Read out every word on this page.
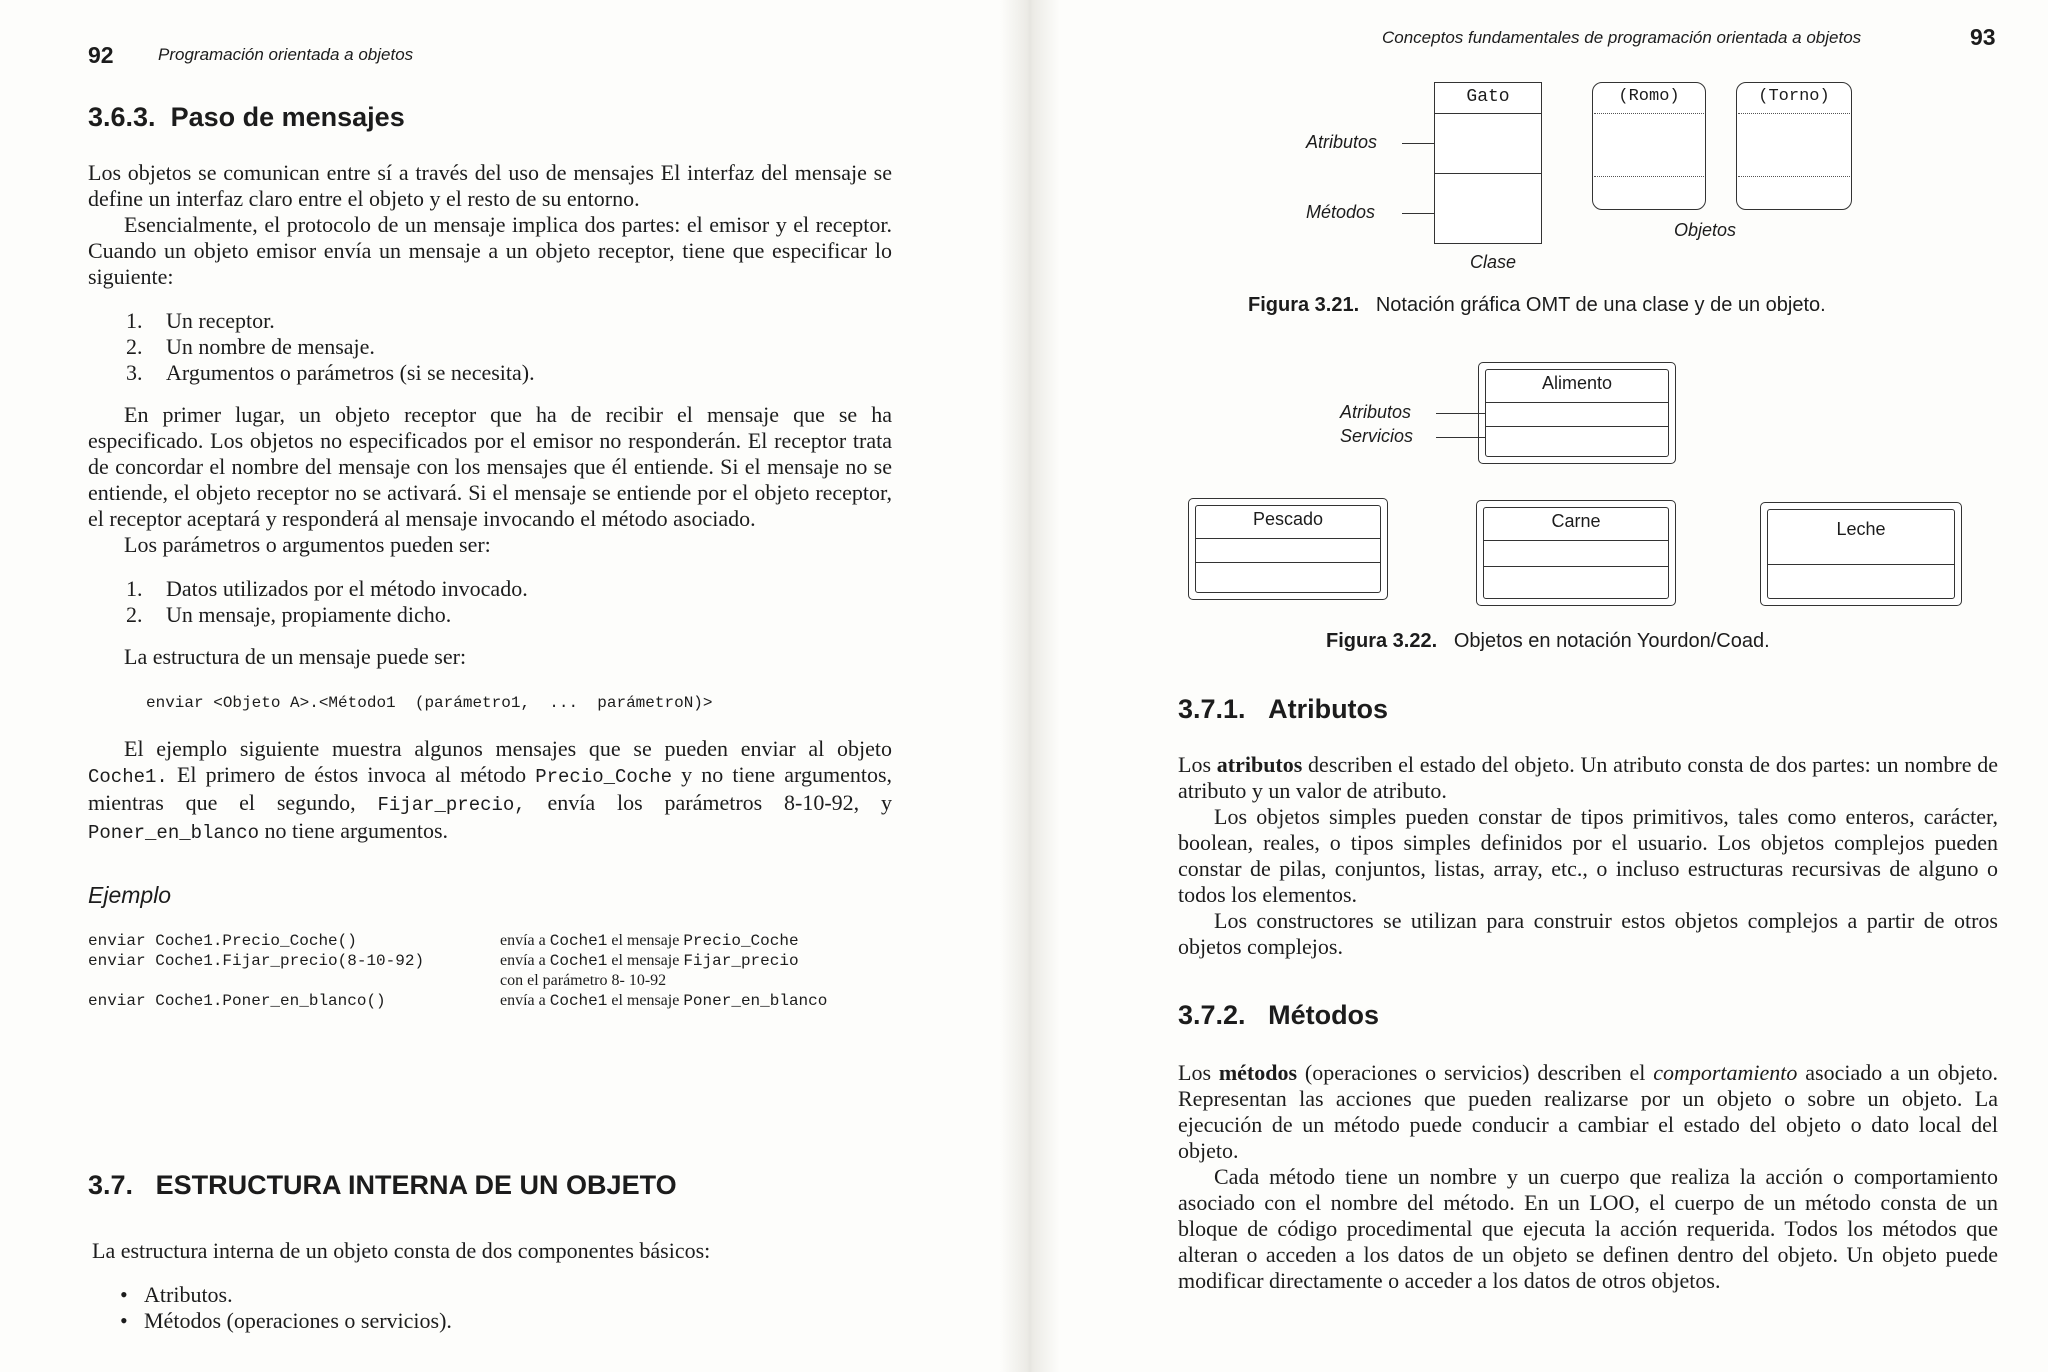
92	Programación orientada a objetos
3.6.3. Paso de mensajes

Los objetos se comunican entre sí a través del uso de mensajes El interfaz del mensaje se define un interfaz claro entre el objeto y el resto de su entorno.

Esencialmente, el protocolo de un mensaje implica dos partes: el emisor y el receptor. Cuando un objeto emisor envía un mensaje a un objeto receptor, tiene que especificar lo siguiente:

1.	Un receptor.
2.	Un nombre de mensaje.
3.	Argumentos o parámetros (si se necesita).

En primer lugar, un objeto receptor que ha de recibir el mensaje que se ha especificado. Los objetos no especificados por el emisor no responderán. El receptor trata de concordar el nombre del mensaje con los mensajes que él entiende. Si el mensaje no se entiende, el objeto receptor no se activará. Si el mensaje se entiende por el objeto receptor, el receptor aceptará y responderá al mensaje invocando el método asociado.

Los parámetros o argumentos pueden ser:

1.	Datos utilizados por el método invocado.
2.	Un mensaje, propiamente dicho.

La estructura de un mensaje puede ser:

enviar <Objeto A>.<Método1  (parámetro1,  ...  parámetroN)>

El ejemplo siguiente muestra algunos mensajes que se pueden enviar al objeto Coche1. El primero de éstos invoca al método Precio_Coche y no tiene argumentos, mientras que el segundo, Fijar_precio, envía los parámetros 8-10-92, y Poner_en_blanco no tiene argumentos.

Ejemplo
enviar Coche1.Precio_Coche()	envía a Coche1 el mensaje Precio_Coche
enviar Coche1.Fijar_precio(8-10-92)	envía a Coche1 el mensaje Fijar_precio
con el parámetro 8- 10-92
enviar Coche1.Poner_en_blanco()	envía a Coche1 el mensaje Poner_en_blanco
3.7. ESTRUCTURA INTERNA DE UN OBJETO

La estructura interna de un objeto consta de dos componentes básicos:

• Atributos.
• Métodos (operaciones o servicios).
Conceptos fundamentales de programación orientada a objetos	93
Gato
Atributos
Métodos
Clase
(Romo)	(Torno)
Objetos
Figura 3.21. Notación gráfica OMT de una clase y de un objeto.
Alimento
Atributos
Servicios
Pescado	Carne	Leche
Figura 3.22. Objetos en notación Yourdon/Coad.
3.7.1. Atributos

Los atributos describen el estado del objeto. Un atributo consta de dos partes: un nombre de atributo y un valor de atributo.

Los objetos simples pueden constar de tipos primitivos, tales como enteros, carácter, boolean, reales, o tipos simples definidos por el usuario. Los objetos complejos pueden constar de pilas, conjuntos, listas, array, etc., o incluso estructuras recursivas de alguno o todos los elementos.

Los constructores se utilizan para construir estos objetos complejos a partir de otros objetos complejos.

3.7.2. Métodos

Los métodos (operaciones o servicios) describen el comportamiento asociado a un objeto. Representan las acciones que pueden realizarse por un objeto o sobre un objeto. La ejecución de un método puede conducir a cambiar el estado del objeto o dato local del objeto.

Cada método tiene un nombre y un cuerpo que realiza la acción o comportamiento asociado con el nombre del método. En un LOO, el cuerpo de un método consta de un bloque de código procedimental que ejecuta la acción requerida. Todos los métodos que alteran o acceden a los datos de un objeto se definen dentro del objeto. Un objeto puede modificar directamente o acceder a los datos de otros objetos.
